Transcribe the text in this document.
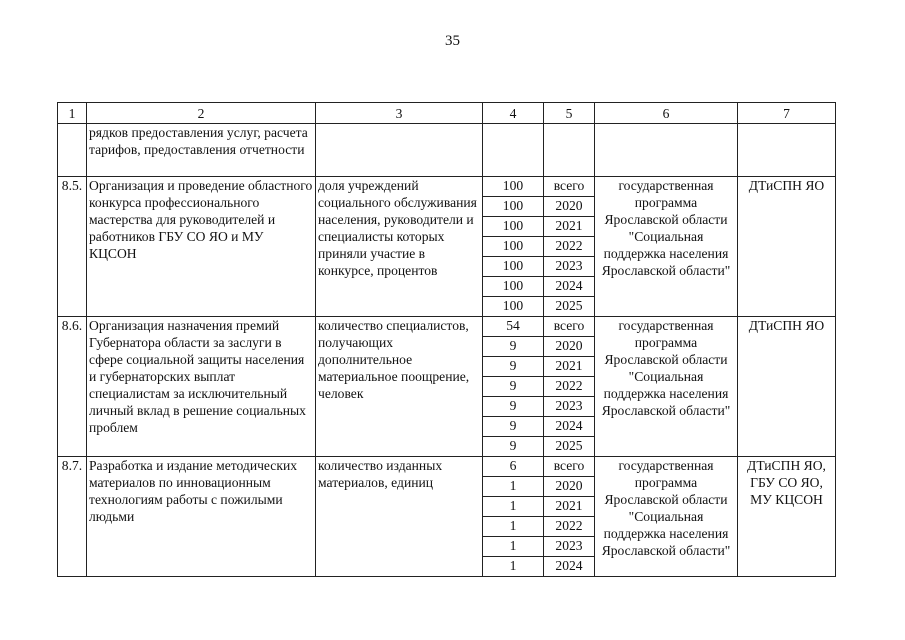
35
1	2	3	4	5	6	7
	рядков предоставления услуг, расчета тарифов, предоставления отчетности					
8.5.	Организация и проведение областного конкурса профессионального мастерства для руководителей и работников ГБУ СО ЯО и МУ КЦСОН	доля учреждений социального обслуживания населения, руководители и специалисты которых приняли участие в конкурсе, процентов	100	всего	государственная программа Ярославской области "Социальная поддержка населения Ярославской области"	ДТиСПН ЯО
			100	2020		
			100	2021		
			100	2022		
			100	2023		
			100	2024		
			100	2025		
8.6.	Организация назначения премий Губернатора области за заслуги в сфере социальной защиты населения и губернаторских выплат специалистам за исключительный личный вклад в решение социальных проблем	количество специалистов, получающих дополнительное материальное поощрение, человек	54	всего	государственная программа Ярославской области "Социальная поддержка населения Ярославской области"	ДТиСПН ЯО
			9	2020		
			9	2021		
			9	2022		
			9	2023		
			9	2024		
			9	2025		
8.7.	Разработка и издание методических материалов по инновационным технологиям работы с пожилыми людьми	количество изданных материалов, единиц	6	всего	государственная программа Ярославской области "Социальная поддержка населения Ярославской области"	ДТиСПН ЯО, ГБУ СО ЯО, МУ КЦСОН
			1	2020		
			1	2021		
			1	2022		
			1	2023		
			1	2024		
